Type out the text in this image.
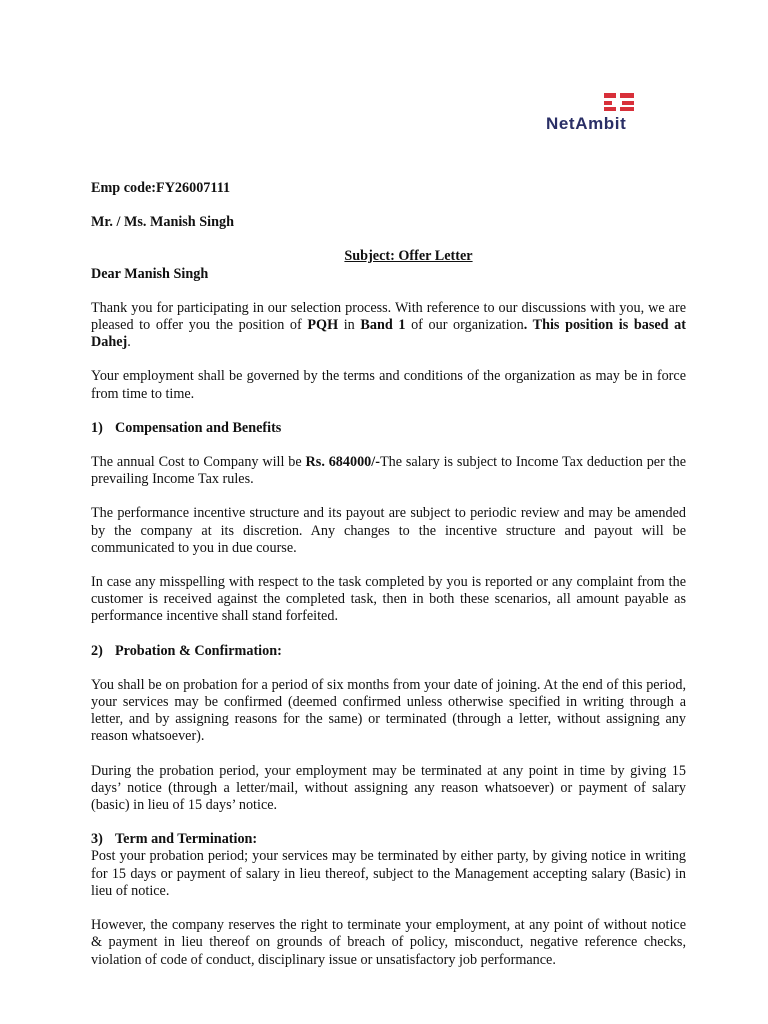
NetAmbit
Emp code:FY26007111
Mr. / Ms. Manish Singh
Subject: Offer Letter
Dear Manish Singh

Thank you for participating in our selection process. With reference to our discussions with you, we are pleased to offer you the position of PQH in Band 1 of our organization. This position is based at Dahej.

Your employment shall be governed by the terms and conditions of the organization as may be in force from time to time.

1) Compensation and Benefits

The annual Cost to Company will be Rs. 684000/-The salary is subject to Income Tax deduction per the prevailing Income Tax rules.

The performance incentive structure and its payout are subject to periodic review and may be amended by the company at its discretion. Any changes to the incentive structure and payout will be communicated to you in due course.

In case any misspelling with respect to the task completed by you is reported or any complaint from the customer is received against the completed task, then in both these scenarios, all amount payable as performance incentive shall stand forfeited.

2) Probation & Confirmation:

You shall be on probation for a period of six months from your date of joining. At the end of this period, your services may be confirmed (deemed confirmed unless otherwise specified in writing through a letter, and by assigning reasons for the same) or terminated (through a letter, without assigning any reason whatsoever).

During the probation period, your employment may be terminated at any point in time by giving 15 days’ notice (through a letter/mail, without assigning any reason whatsoever) or payment of salary (basic) in lieu of 15 days’ notice.

3) Term and Termination:

Post your probation period; your services may be terminated by either party, by giving notice in writing for 15 days or payment of salary in lieu thereof, subject to the Management accepting salary (Basic) in lieu of notice.

However, the company reserves the right to terminate your employment, at any point of without notice & payment in lieu thereof on grounds of breach of policy, misconduct, negative reference checks, violation of code of conduct, disciplinary issue or unsatisfactory job performance.
